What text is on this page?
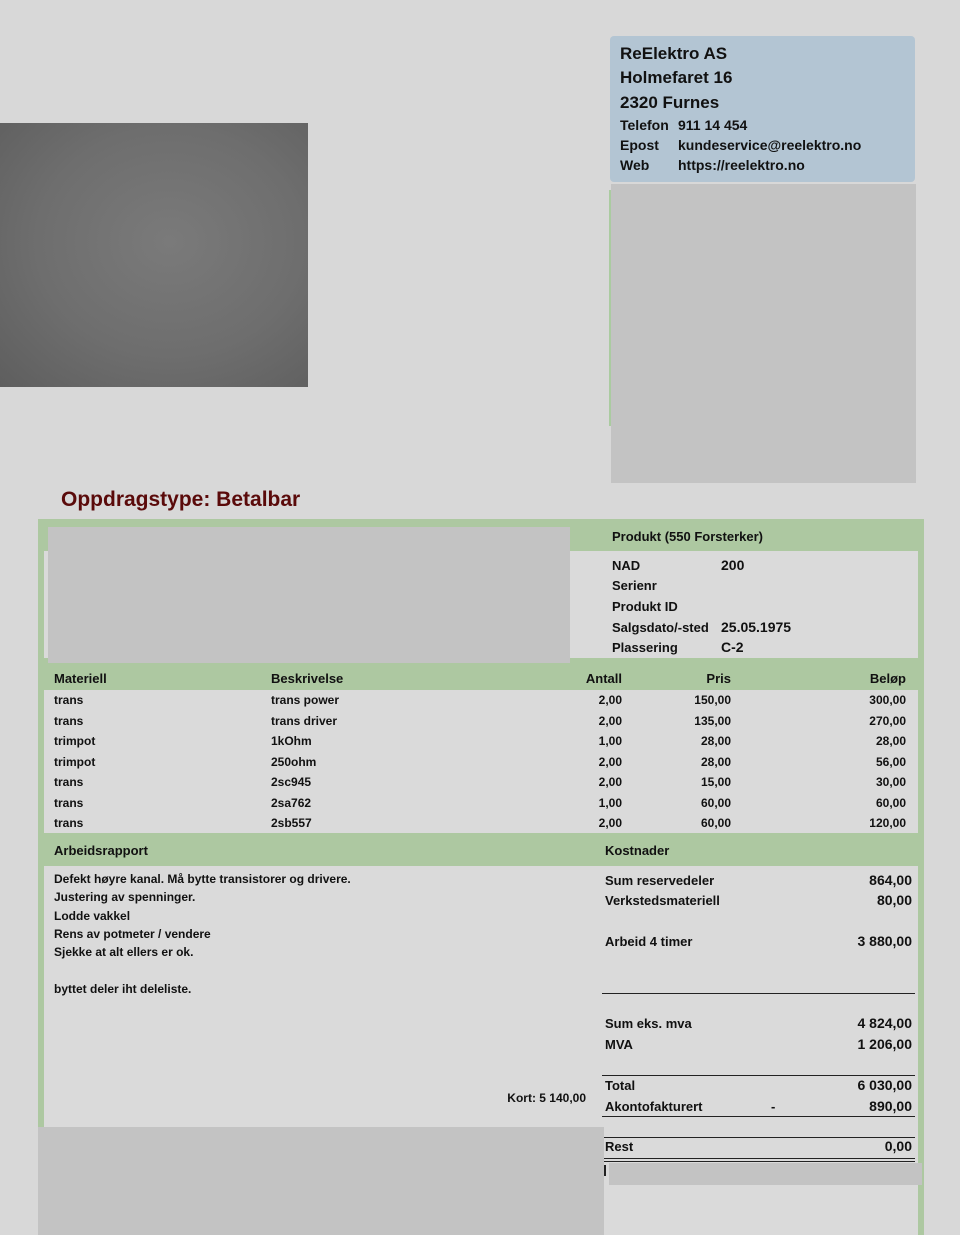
ReElektro AS
Holmefaret 16
2320 Furnes
Telefon 911 14 454
Epost kundeservice@reelektro.no
Web https://reelektro.no
Oppdragstype: Betalbar
Produkt (550 Forsterker)
NAD	200
Serienr
Produkt ID
Salgsdato/-sted 25.05.1975
Plassering	C-2
Materiell	Beskrivelse	Antall	Pris	Beløp
trans	trans power	2,00	150,00	300,00
trans	trans driver	2,00	135,00	270,00
trimpot	1kOhm	1,00	28,00	28,00
trimpot	250ohm	2,00	28,00	56,00
trans	2sc945	2,00	15,00	30,00
trans	2sa762	1,00	60,00	60,00
trans	2sb557	2,00	60,00	120,00
Arbeidsrapport	Kostnader
Defekt høyre kanal. Må bytte transistorer og drivere.
Justering av spenninger.
Lodde vakkel
Rens av potmeter / vendere
Sjekke at alt ellers er ok.
byttet deler iht deleliste.
Kort: 5 140,00
Sum reservedeler	864,00
Verkstedsmateriell	80,00
Arbeid 4 timer	3 880,00
Sum eks. mva	4 824,00
MVA	1 206,00
Total	6 030,00
Akontofakturert	-	890,00
Rest	0,00
